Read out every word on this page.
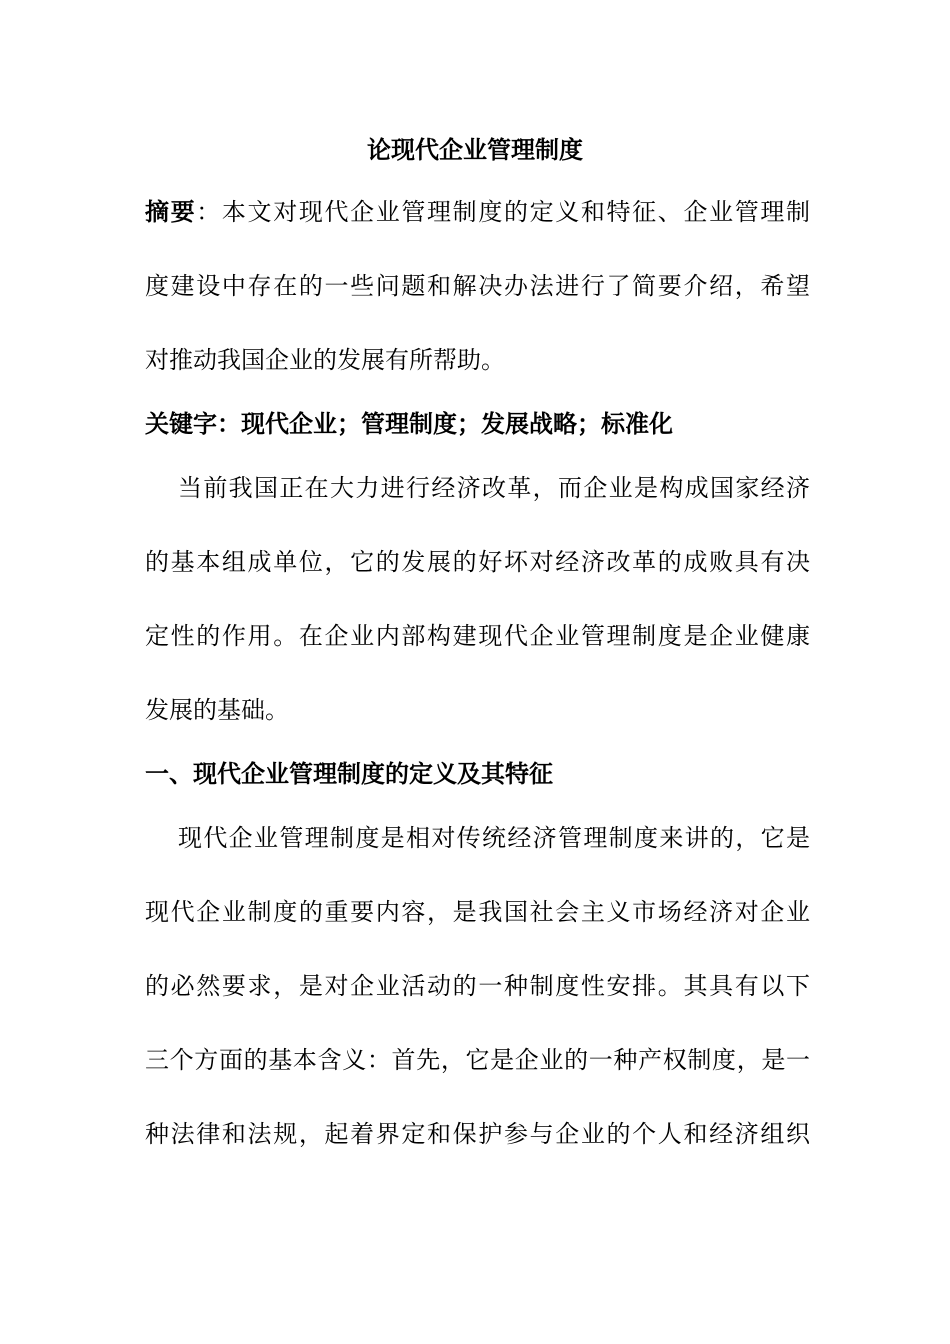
论现代企业管理制度

摘要：本文对现代企业管理制度的定义和特征、企业管理制

度建设中存在的一些问题和解决办法进行了简要介绍，希望

对推动我国企业的发展有所帮助。

关键字：现代企业；管理制度；发展战略；标准化

当前我国正在大力进行经济改革，而企业是构成国家经济

的基本组成单位，它的发展的好坏对经济改革的成败具有决

定性的作用。在企业内部构建现代企业管理制度是企业健康

发展的基础。

一、现代企业管理制度的定义及其特征

现代企业管理制度是相对传统经济管理制度来讲的，它是

现代企业制度的重要内容，是我国社会主义市场经济对企业

的必然要求，是对企业活动的一种制度性安排。其具有以下

三个方面的基本含义：首先，它是企业的一种产权制度，是一

种法律和法规，起着界定和保护参与企业的个人和经济组织
